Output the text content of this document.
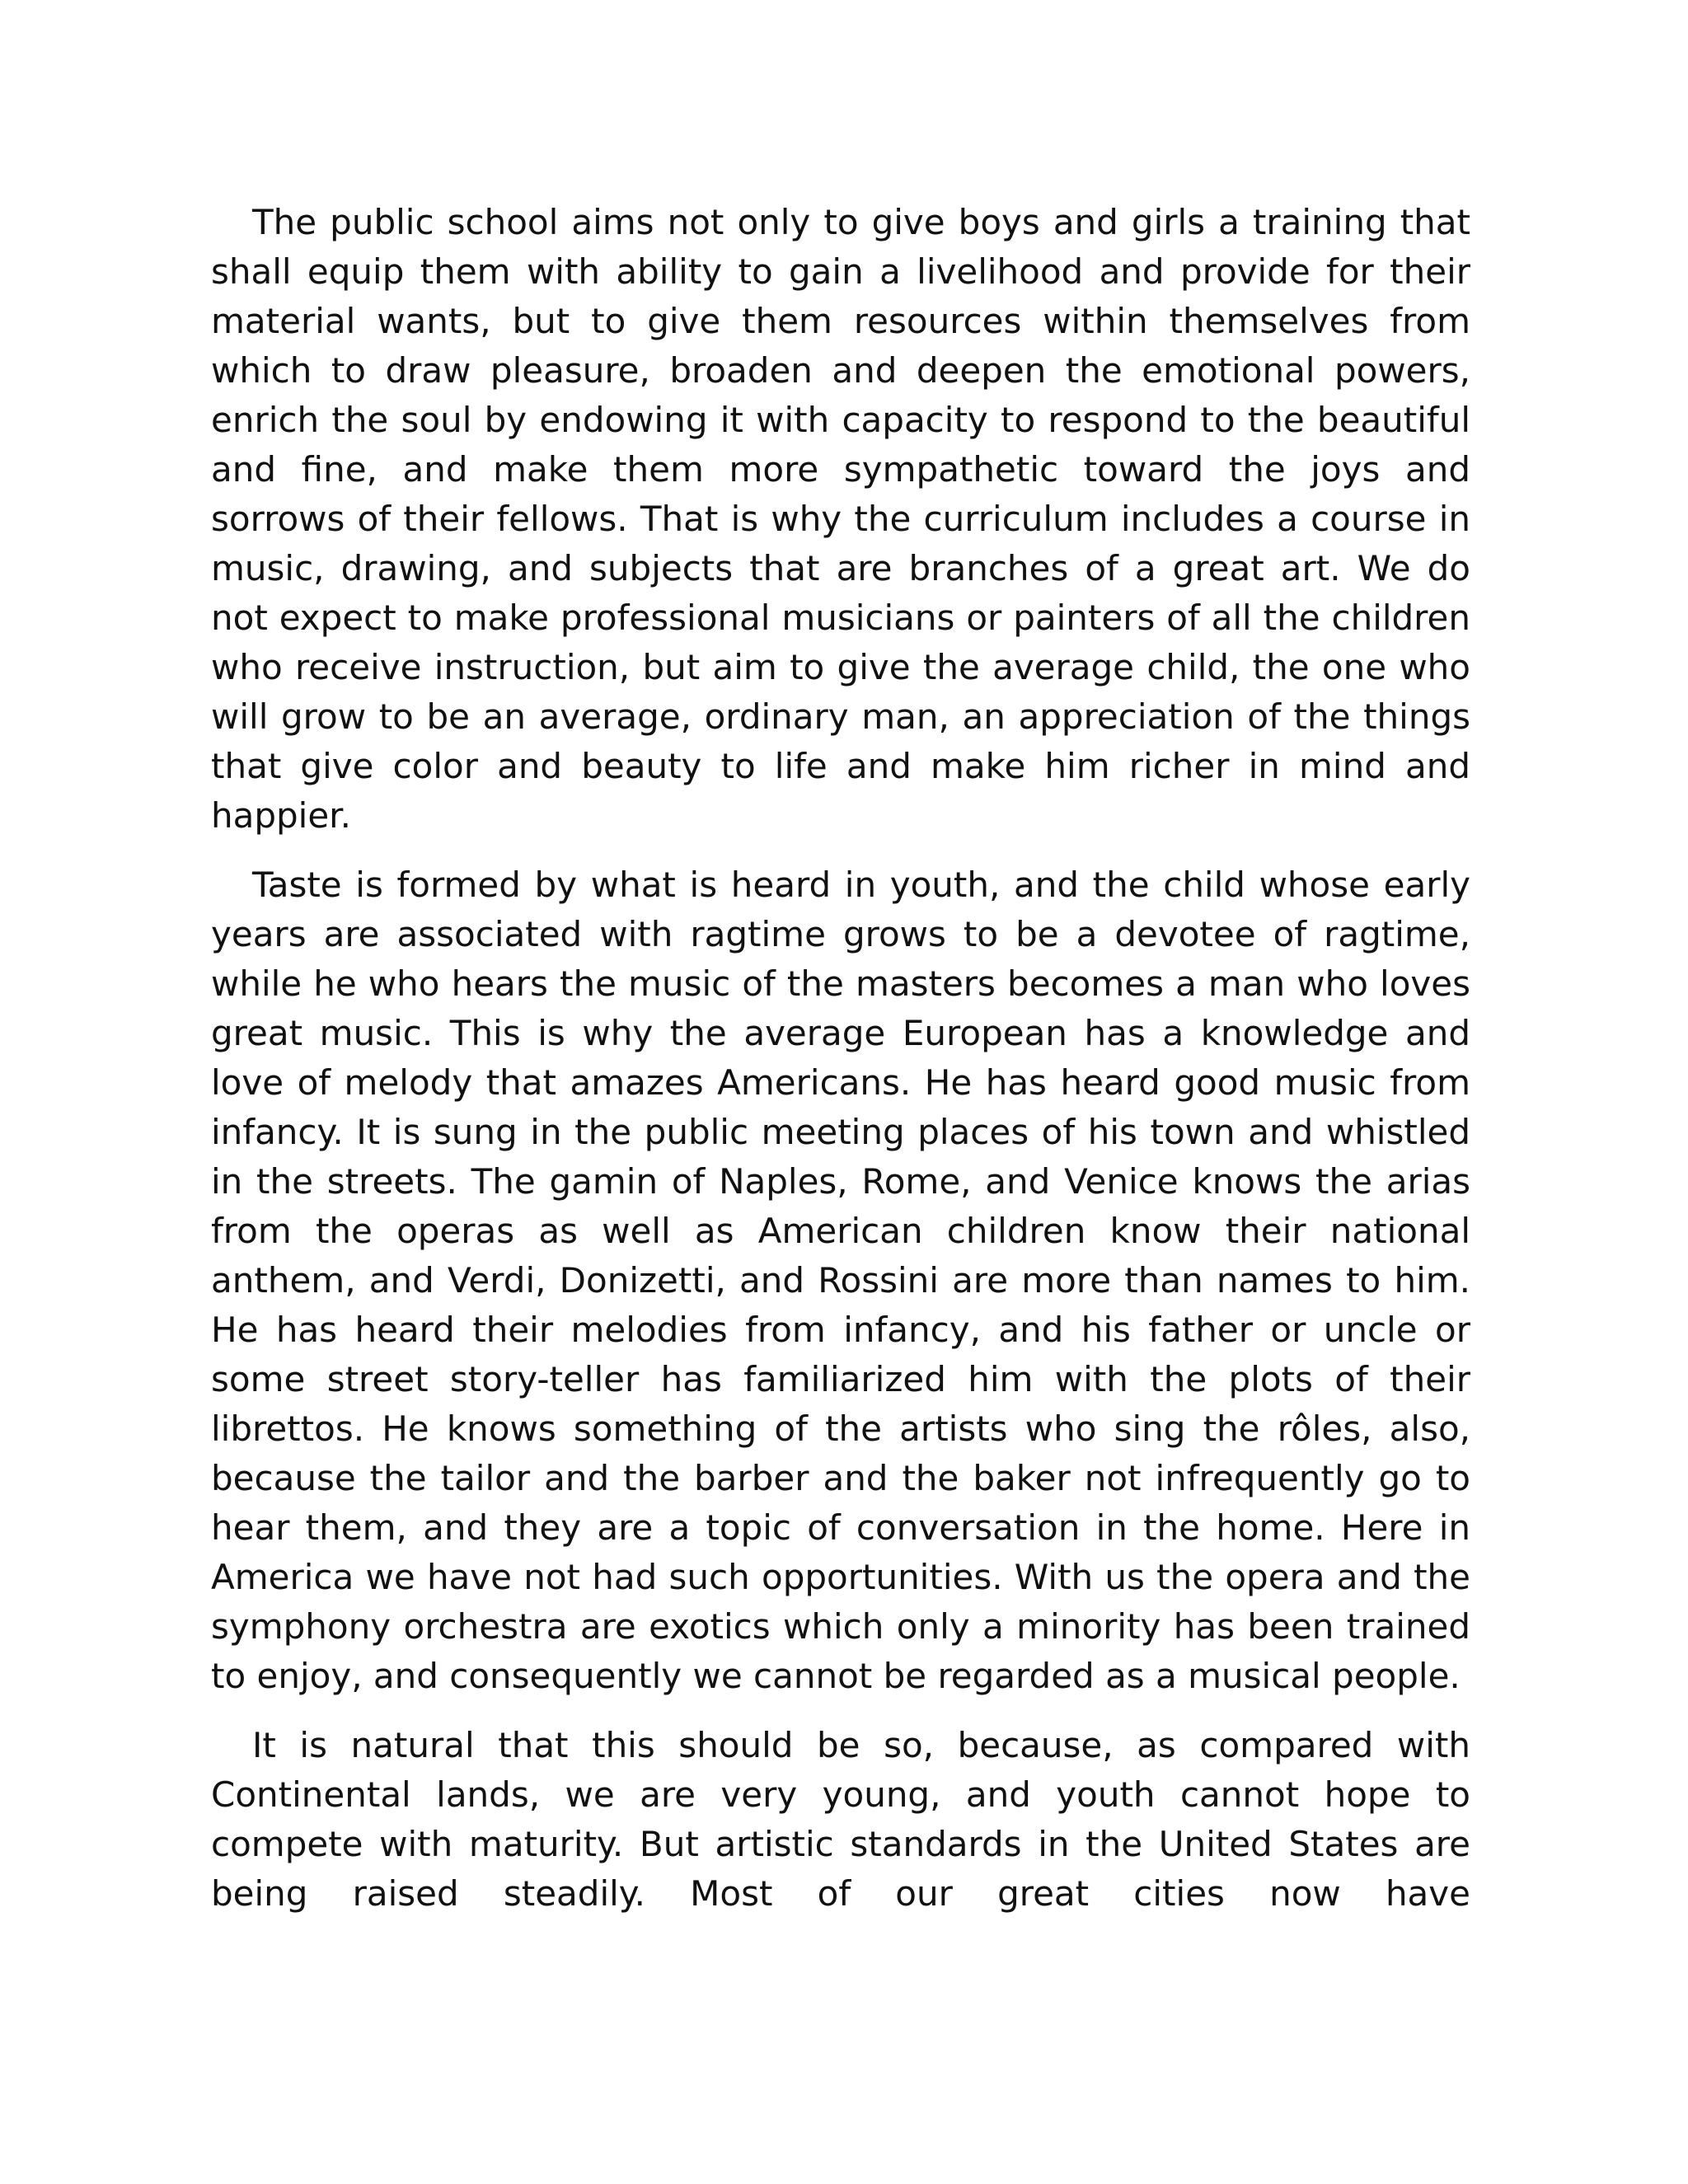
The public school aims not only to give boys and girls a training that shall equip them with ability to gain a livelihood and provide for their material wants, but to give them resources within themselves from which to draw pleasure, broaden and deepen the emotional powers, enrich the soul by endowing it with capacity to respond to the beautiful and fine, and make them more sympathetic toward the joys and sorrows of their fellows. That is why the curriculum includes a course in music, drawing, and subjects that are branches of a great art. We do not expect to make professional musicians or painters of all the children who receive instruction, but aim to give the average child, the one who will grow to be an average, ordinary man, an appreciation of the things that give color and beauty to life and make him richer in mind and happier.

Taste is formed by what is heard in youth, and the child whose early years are associated with ragtime grows to be a devotee of ragtime, while he who hears the music of the masters becomes a man who loves great music. This is why the average European has a knowledge and love of melody that amazes Americans. He has heard good music from infancy. It is sung in the public meeting places of his town and whistled in the streets. The gamin of Naples, Rome, and Venice knows the arias from the operas as well as American children know their national anthem, and Verdi, Donizetti, and Rossini are more than names to him. He has heard their melodies from infancy, and his father or uncle or some street story-teller has familiarized him with the plots of their librettos. He knows something of the artists who sing the rôles, also, because the tailor and the barber and the baker not infrequently go to hear them, and they are a topic of conversation in the home. Here in America we have not had such opportunities. With us the opera and the symphony orchestra are exotics which only a minority has been trained to enjoy, and consequently we cannot be regarded as a musical people.

It is natural that this should be so, because, as compared with Continental lands, we are very young, and youth cannot hope to compete with maturity. But artistic standards in the United States are being raised steadily. Most of our great cities now have
